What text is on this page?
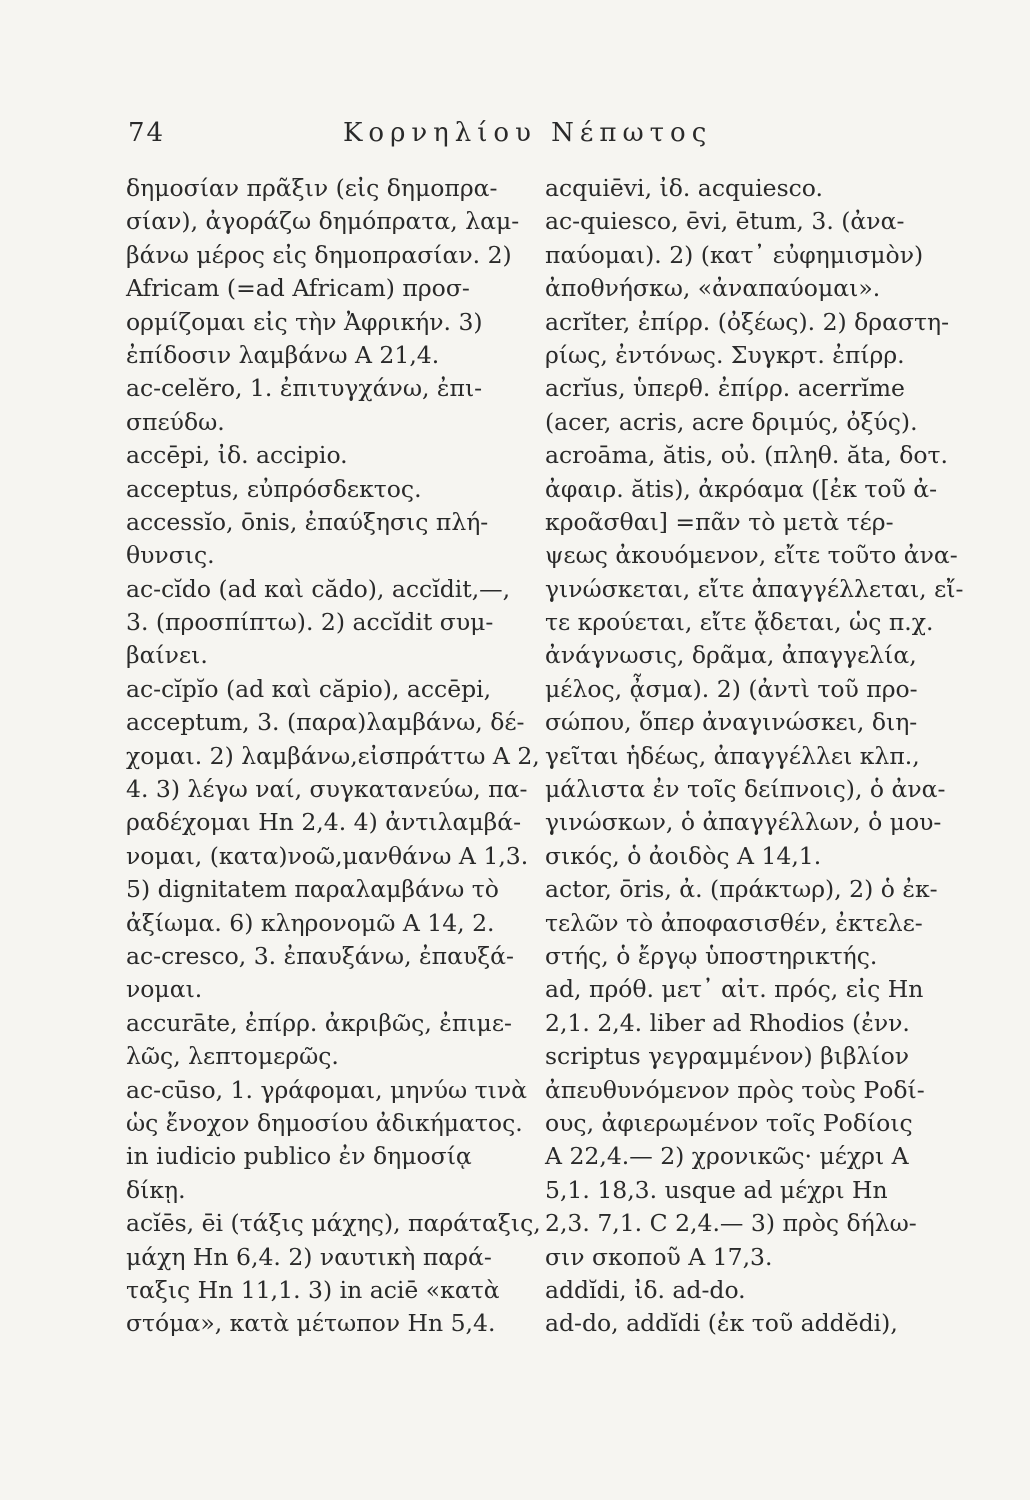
74	Κορνηλίου Νέπωτος
δημοσίαν πρᾶξιν (εἰς δημοπρα-
σίαν), ἀγοράζω δημόπρατα, λαμ-
βάνω μέρος εἰς δημοπρασίαν. 2)
Africam (=ad Africam) προσ-
ορμίζομαι εἰς τὴν Ἀφρικήν. 3)
ἐπίδοσιν λαμβάνω Α 21,4.
ac-celĕro, 1. ἐπιτυγχάνω, ἐπι-
σπεύδω.
accēpi, ἰδ. accipio.
acceptus, εὐπρόσδεκτος.
accessĭo, ōnis, ἐπαύξησις πλή-
θυνσις.
ac-cĭdo (ad καὶ cădo), accĭdit,—,
3. (προσπίπτω). 2) accĭdit συμ-
βαίνει.
ac-cĭpĭo (ad καὶ căpio), accēpi,
acceptum, 3. (παρα)λαμβάνω, δέ-
χομαι. 2) λαμβάνω,εἰσπράττω Α 2,
4. 3) λέγω ναί, συγκατανεύω, πα-
ραδέχομαι Hn 2,4. 4) ἀντιλαμβά-
νομαι, (κατα)νοῶ,μανθάνω Α 1,3.
5) dignitatem παραλαμβάνω τὸ
ἀξίωμα. 6) κληρονομῶ Α 14, 2.
ac-cresco, 3. ἐπαυξάνω, ἐπαυξά-
νομαι.
accurāte, ἐπίρρ. ἀκριβῶς, ἐπιμε-
λῶς, λεπτομερῶς.
ac-cūso, 1. γράφομαι, μηνύω τινὰ
ὡς ἔνοχον δημοσίου ἀδικήματος.
in iudicio publico ἐν δημοσίᾳ
δίκῃ.
acĭēs, ēi (τάξις μάχης), παράταξις,
μάχη Hn 6,4. 2) ναυτικὴ παρά-
ταξις Hn 11,1. 3) in aciē «κατὰ
στόμα», κατὰ μέτωπον Hn 5,4.
acquiēvi, ἰδ. acquiesco.
ac-quiesco, ēvi, ētum, 3. (ἀνα-
παύομαι). 2) (κατ᾽ εὐφημισμὸν)
ἀποθνήσκω, «ἀναπαύομαι».
acrĭter, ἐπίρρ. (ὀξέως). 2) δραστη-
ρίως, ἐντόνως. Συγκρτ. ἐπίρρ.
acrĭus, ὑπερθ. ἐπίρρ. acerrĭme
(acer, acris, acre δριμύς, ὀξύς).
acroāma, ătis, οὐ. (πληθ. ăta, δοτ.
ἀφαιρ. ătis), ἀκρόαμα ([ἐκ τοῦ ἀ-
κροᾶσθαι] =πᾶν τὸ μετὰ τέρ-
ψεως ἀκουόμενον, εἴτε τοῦτο ἀνα-
γινώσκεται, εἴτε ἀπαγγέλλεται, εἴ-
τε κρούεται, εἴτε ᾄδεται, ὡς π.χ.
ἀνάγνωσις, δρᾶμα, ἀπαγγελία,
μέλος, ᾆσμα). 2) (ἀντὶ τοῦ προ-
σώπου, ὅπερ ἀναγινώσκει, διη-
γεῖται ἡδέως, ἀπαγγέλλει κλπ.,
μάλιστα ἐν τοῖς δείπνοις), ὁ ἀνα-
γινώσκων, ὁ ἀπαγγέλλων, ὁ μου-
σικός, ὁ ἀοιδὸς Α 14,1.
actor, ōris, ἀ. (πράκτωρ), 2) ὁ ἐκ-
τελῶν τὸ ἀποφασισθέν, ἐκτελε-
στής, ὁ ἔργῳ ὑποστηρικτής.
ad, πρόθ. μετ᾽ αἰτ. πρός, εἰς Hn
2,1. 2,4. liber ad Rhodios (ἐνν.
scriptus γεγραμμένον) βιβλίον
ἀπευθυνόμενον πρὸς τοὺς Ροδί-
ους, ἀφιερωμένον τοῖς Ροδίοις
Α 22,4.— 2) χρονικῶς· μέχρι Α
5,1. 18,3. usque ad μέχρι Hn
2,3. 7,1. C 2,4.— 3) πρὸς δήλω-
σιν σκοποῦ Α 17,3.
addĭdi, ἰδ. ad-do.
ad-do, addĭdi (ἐκ τοῦ addĕdi),
